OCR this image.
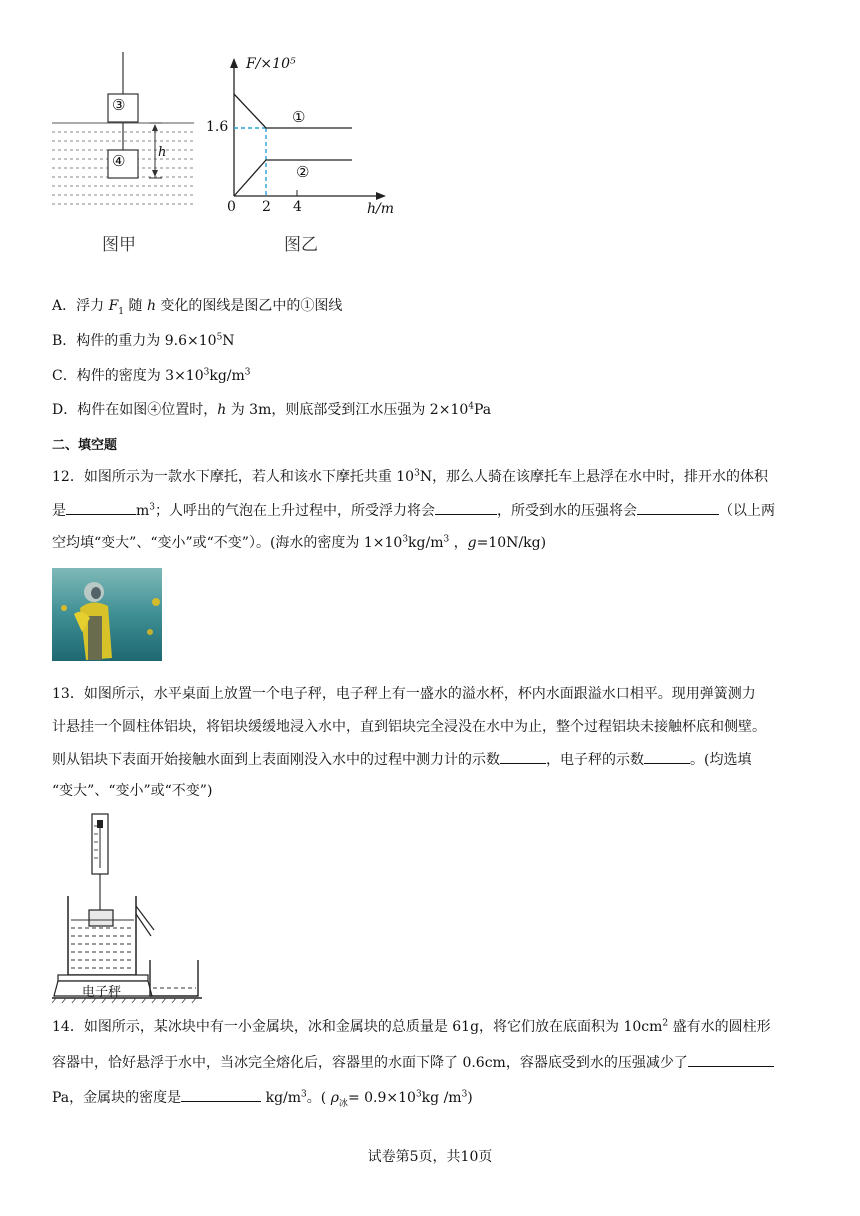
③
④	h
图甲
F/×10⁵
1.6
①
②
0 2 4	h/m
图乙
A．浮力 $F_1$ 随 h 变化的图线是图乙中的①图线
B．构件的重力为 $9.6\times 10^5N$
C．构件的密度为 $3\times 10^3kg/m^3$
D．构件在如图④位置时，h 为 3m，则底部受到江水压强为 $2\times 10^4Pa$
二、填空题
12．如图所示为一款水下摩托，若人和该水下摩托共重 $10^3N$，那么人骑在该摩托车上悬浮在水中时，排开水的体积
是	$m^3$；人呼出的气泡在上升过程中，所受浮力将会	，所受到水的压强将会	（以上两
空均填“变大”、“变小”或“不变”）。(海水的密度为 $1\times 10^3kg/m^3$ ，g=10N/kg)
13．如图所示，水平桌面上放置一个电子秤，电子秤上有一盛水的溢水杯，杯内水面跟溢水口相平。现用弹簧测力
计悬挂一个圆柱体铝块，将铝块缓缓地浸入水中，直到铝块完全浸没在水中为止，整个过程铝块未接触杯底和侧壁。
则从铝块下表面开始接触水面到上表面刚没入水中的过程中测力计的示数	，电子秤的示数	。(均选填
“变大”、“变小”或“不变”)
电子秤
14．如图所示，某冰块中有一小金属块，冰和金属块的总质量是 61g，将它们放在底面积为 $10cm^2$ 盛有水的圆柱形
容器中，恰好悬浮于水中，当冰完全熔化后，容器里的水面下降了 0.6cm，容器底受到水的压强减少了
Pa，金属块的密度是	$kg/m^3$。( $\rho_冰= 0.9\times 10^3kg$ $/m^3$)
试卷第5页，共10页
